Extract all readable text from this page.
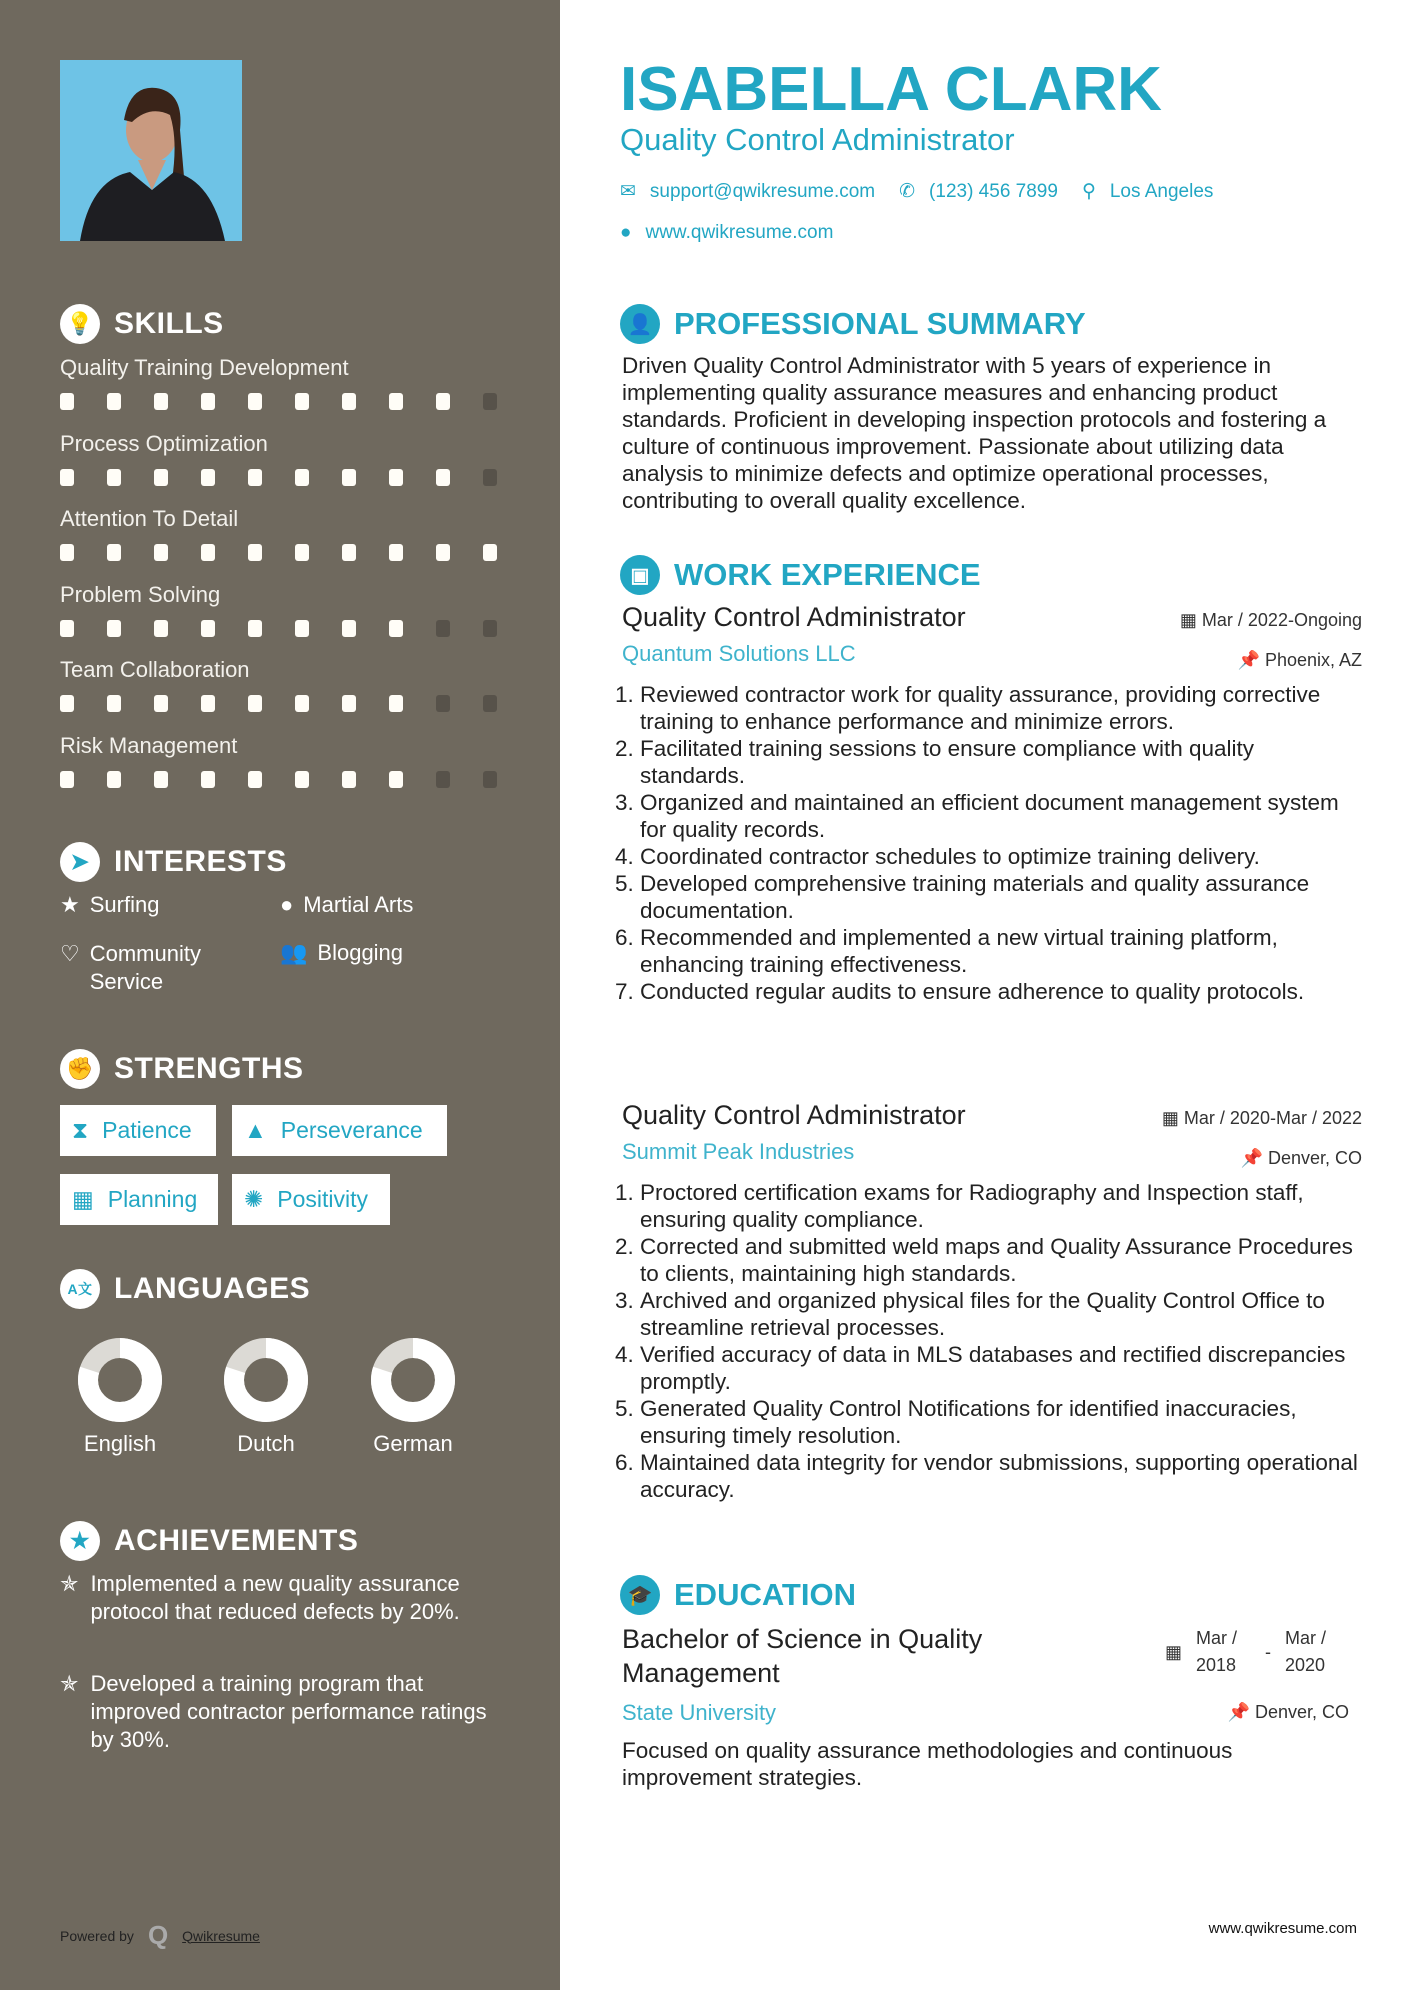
💡 SKILLS
Quality Training Development
Process Optimization
Attention To Detail
Problem Solving
Team Collaboration
Risk Management
➤ INTERESTS
★ Surfing	● Martial Arts
♡ Community Service
👥 Blogging
✊ STRENGTHS
⧗ Patience ▲ Perseverance
▦ Planning ✺ Positivity
A文 LANGUAGES
English	Dutch	German
★ ACHIEVEMENTS
✯ Implemented a new quality assurance protocol that reduced defects by 20%.
✯ Developed a training program that improved contractor performance ratings by 30%.
Powered by Q Qwikresume
ISABELLA CLARK
Quality Control Administrator
✉ support@qwikresume.com ✆ (123) 456 7899 ⚲ Los Angeles
● www.qwikresume.com
👤 PROFESSIONAL SUMMARY
Driven Quality Control Administrator with 5 years of experience in implementing quality assurance measures and enhancing product standards. Proficient in developing inspection protocols and fostering a culture of continuous improvement. Passionate about utilizing data analysis to minimize defects and optimize operational processes, contributing to overall quality excellence.
▣ WORK EXPERIENCE
Quality Control Administrator	▦ Mar / 2022-Ongoing
Quantum Solutions LLC	📌 Phoenix, AZ
1. Reviewed contractor work for quality assurance, providing corrective training to enhance performance and minimize errors.
2. Facilitated training sessions to ensure compliance with quality standards.
3. Organized and maintained an efficient document management system for quality records.
4. Coordinated contractor schedules to optimize training delivery.
5. Developed comprehensive training materials and quality assurance documentation.
6. Recommended and implemented a new virtual training platform, enhancing training effectiveness.
7. Conducted regular audits to ensure adherence to quality protocols.
Quality Control Administrator	▦ Mar / 2020-Mar / 2022
Summit Peak Industries	📌 Denver, CO
1. Proctored certification exams for Radiography and Inspection staff, ensuring quality compliance.
2. Corrected and submitted weld maps and Quality Assurance Procedures to clients, maintaining high standards.
3. Archived and organized physical files for the Quality Control Office to streamline retrieval processes.
4. Verified accuracy of data in MLS databases and rectified discrepancies promptly.
5. Generated Quality Control Notifications for identified inaccuracies, ensuring timely resolution.
6. Maintained data integrity for vendor submissions, supporting operational accuracy.
🎓 EDUCATION
Bachelor of Science in Quality Management
▦
Mar / 2018
-
Mar / 2020
State University	📌 Denver, CO
Focused on quality assurance methodologies and continuous improvement strategies.
www.qwikresume.com
